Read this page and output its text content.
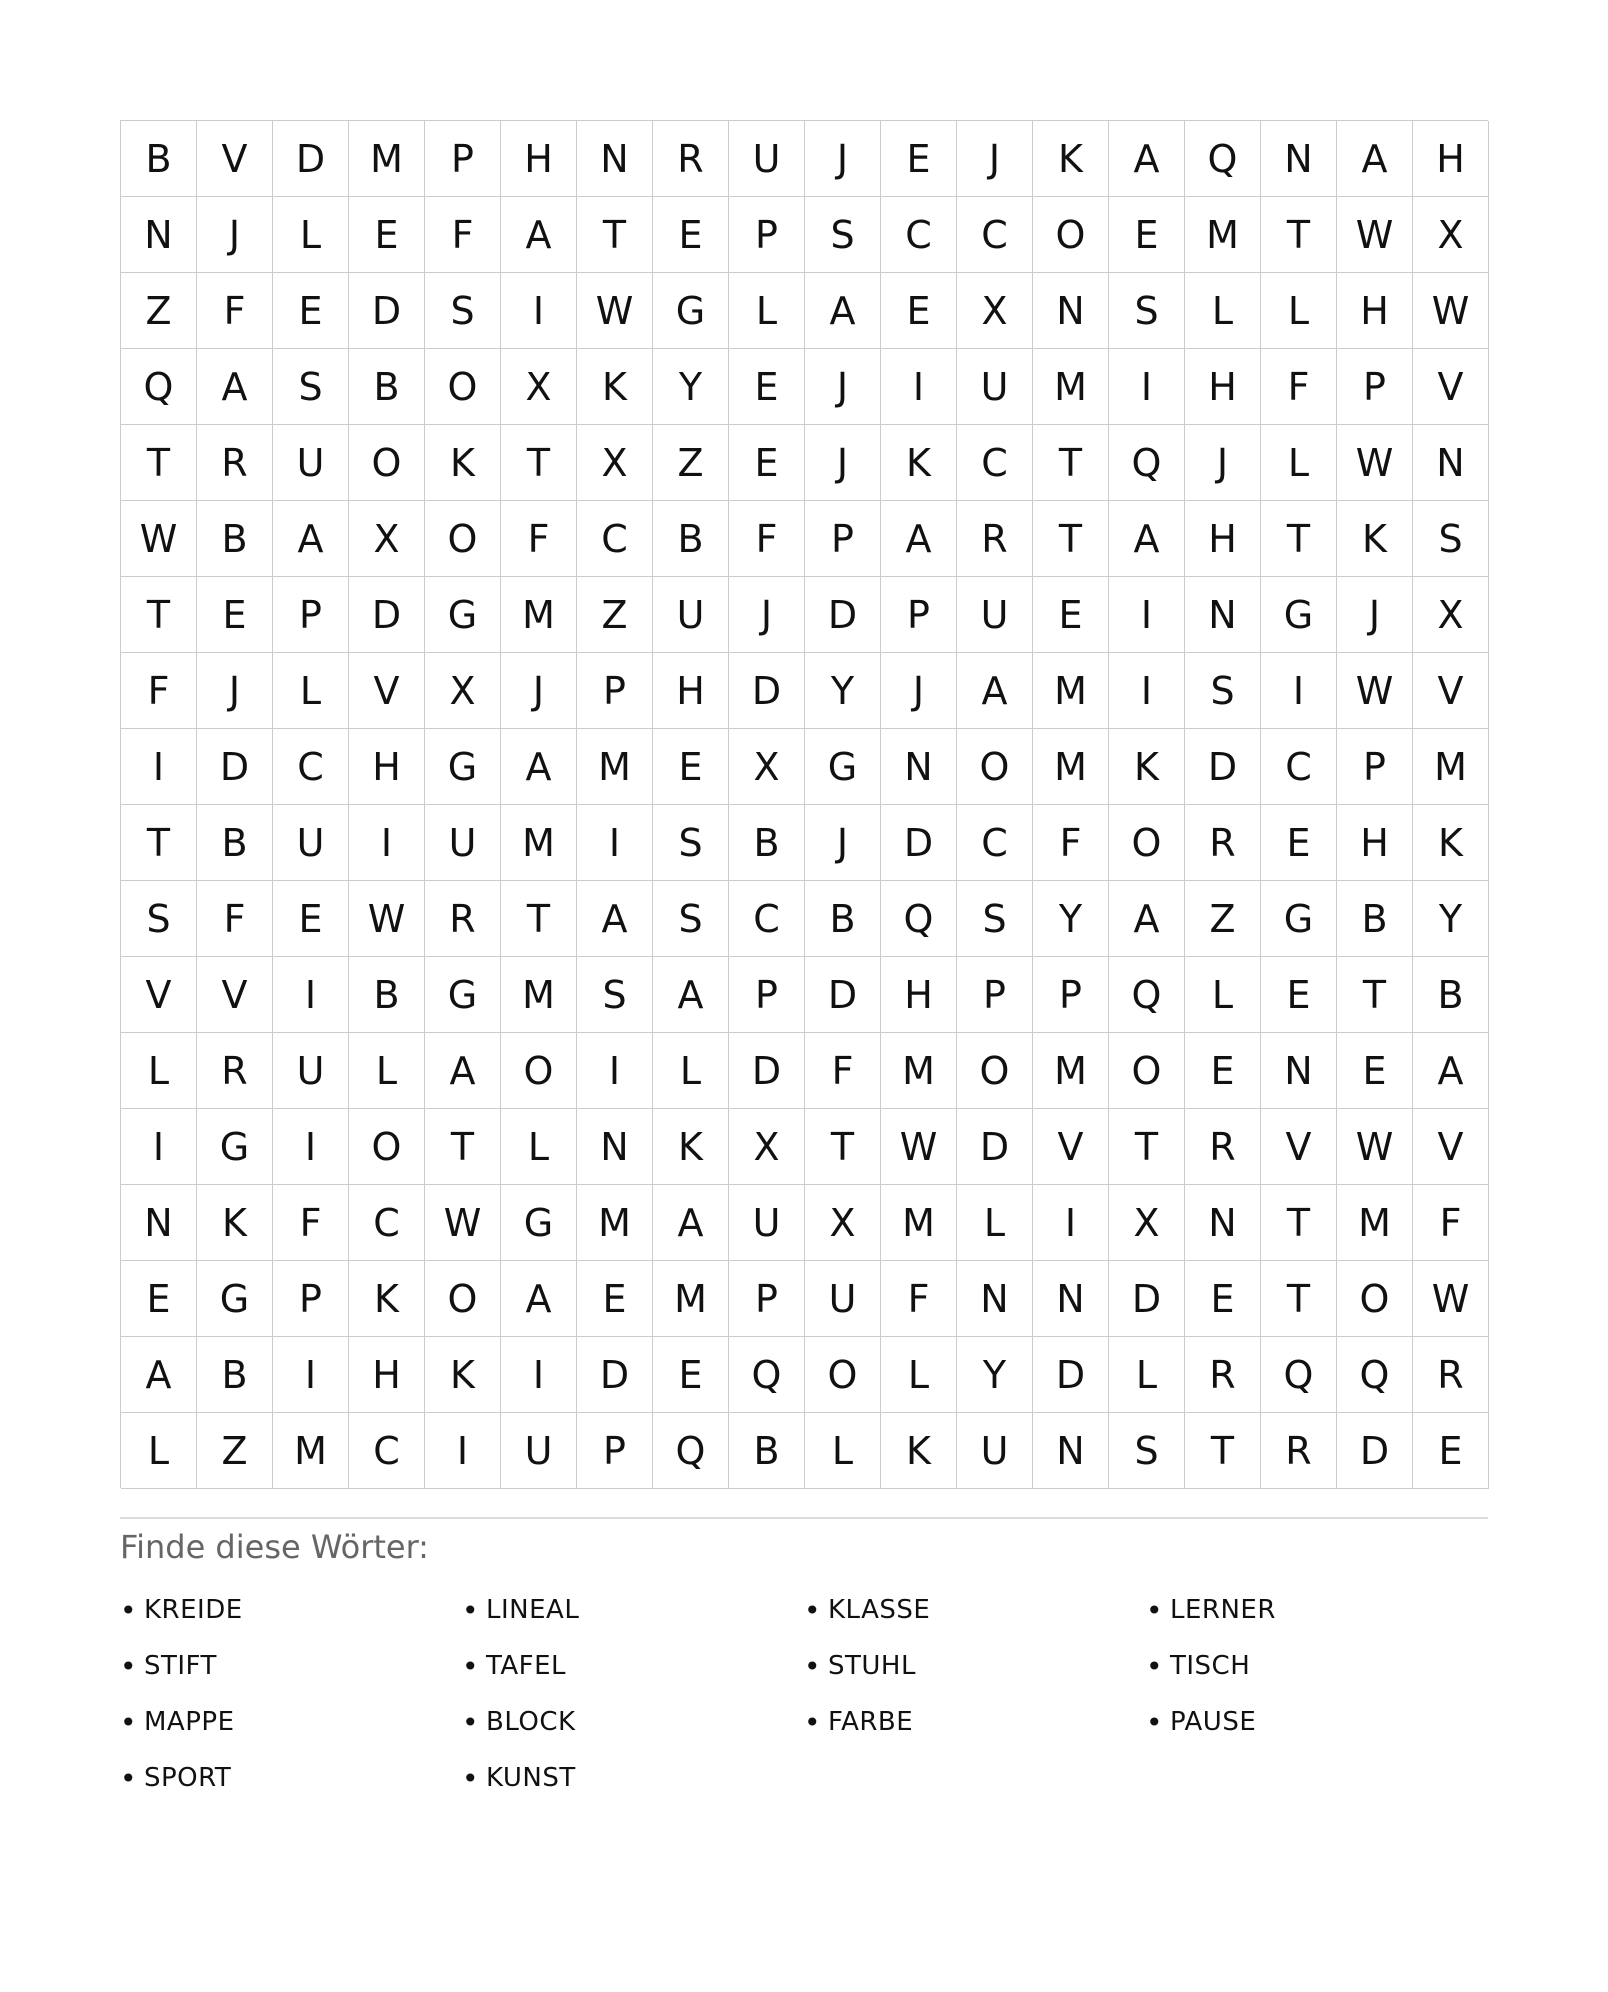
B	V	D	M	P	H	N	R	U	J	E	J	K	A	Q	N	A	H
N	J	L	E	F	A	T	E	P	S	C	C	O	E	M	T	W	X
Z	F	E	D	S	I	W	G	L	A	E	X	N	S	L	L	H	W
Q	A	S	B	O	X	K	Y	E	J	I	U	M	I	H	F	P	V
T	R	U	O	K	T	X	Z	E	J	K	C	T	Q	J	L	W	N
W	B	A	X	O	F	C	B	F	P	A	R	T	A	H	T	K	S
T	E	P	D	G	M	Z	U	J	D	P	U	E	I	N	G	J	X
F	J	L	V	X	J	P	H	D	Y	J	A	M	I	S	I	W	V
I	D	C	H	G	A	M	E	X	G	N	O	M	K	D	C	P	M
T	B	U	I	U	M	I	S	B	J	D	C	F	O	R	E	H	K
S	F	E	W	R	T	A	S	C	B	Q	S	Y	A	Z	G	B	Y
V	V	I	B	G	M	S	A	P	D	H	P	P	Q	L	E	T	B
L	R	U	L	A	O	I	L	D	F	M	O	M	O	E	N	E	A
I	G	I	O	T	L	N	K	X	T	W	D	V	T	R	V	W	V
N	K	F	C	W	G	M	A	U	X	M	L	I	X	N	T	M	F
E	G	P	K	O	A	E	M	P	U	F	N	N	D	E	T	O	W
A	B	I	H	K	I	D	E	Q	O	L	Y	D	L	R	Q	Q	R
L	Z	M	C	I	U	P	Q	B	L	K	U	N	S	T	R	D	E
Finde diese Wörter:
• KREIDE	• LINEAL	• KLASSE	• LERNER
• STIFT	• TAFEL	• STUHL	• TISCH
• MAPPE	• BLOCK	• FARBE	• PAUSE
• SPORT	• KUNST
